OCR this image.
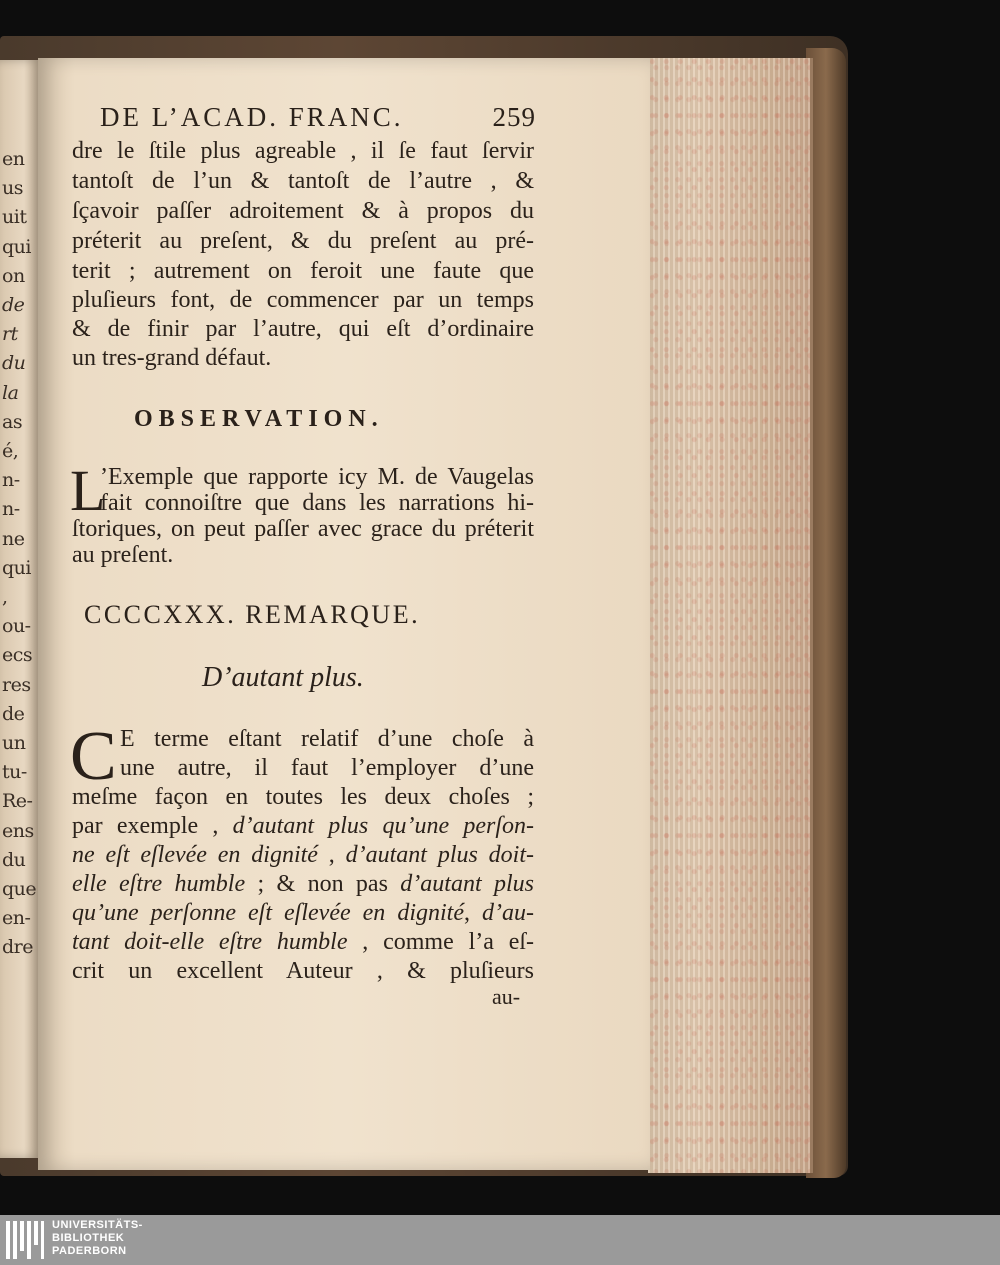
en
us
uit
qui
on
de
rt
du
la
as
é,
n-
n-
ne
qui
,
ou-
ecs
res
de
un
tu-
Re-
ens
du
que
en-
dre
DE L’ACAD. FRANC.	259
dre le ſtile plus agreable , il ſe faut ſervir
tantoſt de l’un & tantoſt de l’autre , &
ſçavoir paſſer adroitement & à propos du
préterit au preſent, & du preſent au pré-
terit ; autrement on feroit une faute que
pluſieurs font, de commencer par un temps
& de finir par l’autre, qui eſt d’ordinaire
un tres-grand défaut.
OBSERVATION.
L
’Exemple que rapporte icy M. de Vaugelas
fait connoiſtre que dans les narrations hi-
ſtoriques, on peut paſſer avec grace du préterit
au preſent.
CCCCXXX. REMARQUE.
D’autant plus.
C E terme eſtant relatif d’une choſe à
une autre, il faut l’employer d’une
meſme façon en toutes les deux choſes ;
par exemple , d’autant plus qu’une perſon-
ne eſt eſlevée en dignité , d’autant plus doit-
elle eſtre humble ; & non pas d’autant plus
qu’une perſonne eſt eſlevée en dignité, d’au-
tant doit-elle eſtre humble , comme l’a eſ-
crit un excellent Auteur , & pluſieurs
au-
UNIVERSITÄTS-
BIBLIOTHEK
PADERBORN
